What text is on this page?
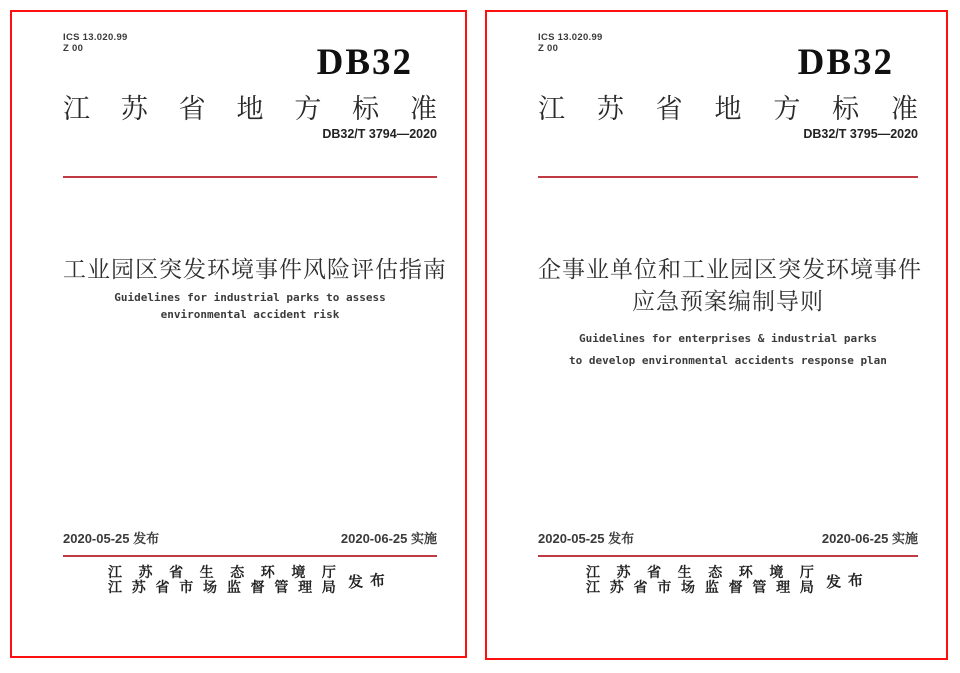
ICS 13.020.99
Z 00	DB32
江 苏 省 地 方 标 准
DB32/T 3794—2020
工业园区突发环境事件风险评估指南
Guidelines for industrial parks to assess
environmental accident risk
2020-05-25 发布	2020-06-25 实施
江 苏 省 生 态 环 境 厅
江 苏 省 市 场 监 督 管 理 局 发布
ICS 13.020.99
Z 00	DB32
江 苏 省 地 方 标 准
DB32/T 3795—2020
企事业单位和工业园区突发环境事件
应急预案编制导则
Guidelines for enterprises & industrial parks
to develop environmental accidents response plan
2020-05-25 发布	2020-06-25 实施
江 苏 省 生 态 环 境 厅
江 苏 省 市 场 监 督 管 理 局 发布
